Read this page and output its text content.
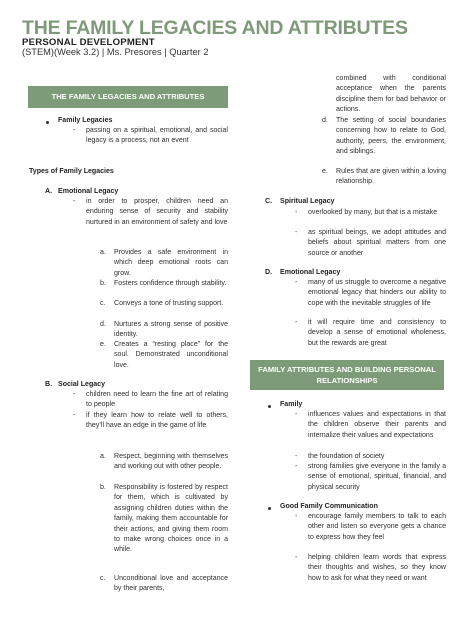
THE FAMILY LEGACIES AND ATTRIBUTES
PERSONAL DEVELOPMENT
(STEM)(Week 3.2) | Ms. Presores | Quarter 2
THE FAMILY LEGACIES AND ATTRIBUTES
Family Legacies
- passing on a spiritual, emotional, and social legacy is a process, not an event
Types of Family Legacies
A. Emotional Legacy
- in order to prosper, children need an enduring sense of security and stability nurtured in an environment of safety and love
a. Provides a safe environment in which deep emotional roots can grow.
b. Fosters confidence through stability.
c. Conveys a tone of trusting support.
d. Nurtures a strong sense of positive identity.
e. Creates a “resting place” for the soul. Demonstrated unconditional love.
B. Social Legacy
- children need to learn the fine art of relating to people
- if they learn how to relate well to others, they’ll have an edge in the game of life
a. Respect, beginning with themselves and working out with other people.
b. Responsibility is fostered by respect for them, which is cultivated by assigning children duties within the family, making them accountable for their actions, and giving them room to make wrong choices once in a while.
c. Unconditional love and acceptance by their parents,
combined with conditional acceptance when the parents discipline them for bad behavior or actions.
d. The setting of social boundaries concerning how to relate to God, authority, peers, the environment, and siblings.
e. Rules that are given within a loving relationship.
C. Spiritual Legacy
- overlooked by many, but that is a mistake
- as spiritual beings, we adopt attitudes and beliefs about spiritual matters from one source or another
D. Emotional Legacy
- many of us struggle to overcome a negative emotional legacy that hinders our ability to cope with the inevitable struggles of life
- it will require time and consistency to develop a sense of emotional wholeness, but the rewards are great
FAMILY ATTRIBUTES AND BUILDING PERSONAL RELATIONSHIPS
Family
- influences values and expectations in that the children observe their parents and internalize their values and expectations
- the foundation of society
- strong families give everyone in the family a sense of emotional, spiritual, financial, and physical security
Good Family Communication
- encourage family members to talk to each other and listen so everyone gets a chance to express how they feel
- helping children learn words that express their thoughts and wishes, so they know how to ask for what they need or want
